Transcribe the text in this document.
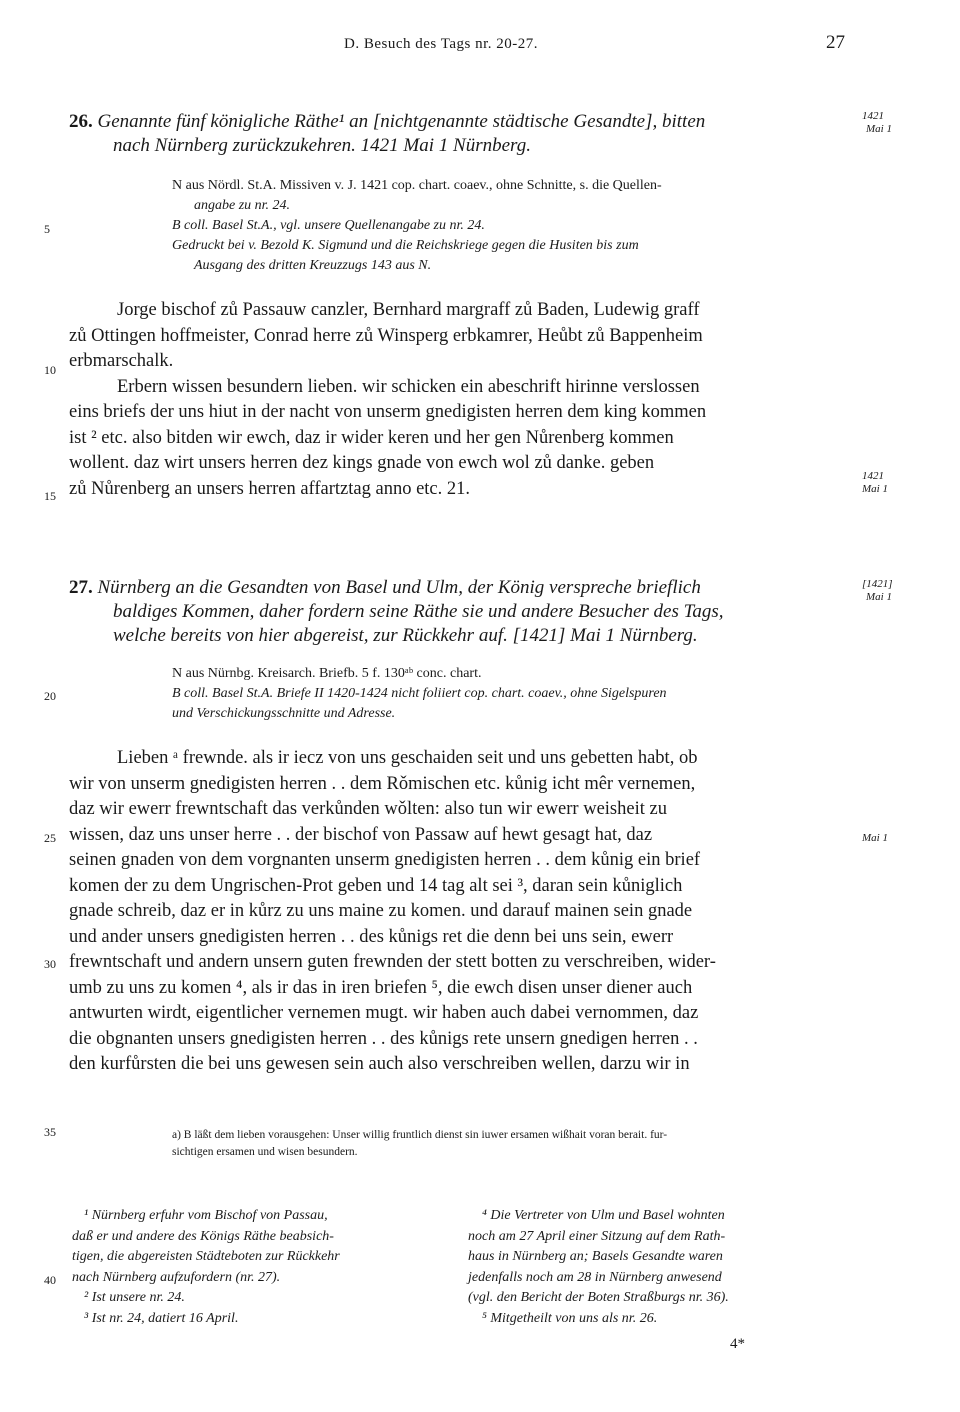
D. Besuch des Tags nr. 20-27.	27
5
10
15
20
25
30
35
40
26. Genannte fünf königliche Räthe¹ an [nichtgenannte städtische Gesandte], bitten
nach Nürnberg zurückzukehren. 1421 Mai 1 Nürnberg.
1421
Mai 1
N aus Nördl. St.A. Missiven v. J. 1421 cop. chart. coaev., ohne Schnitte, s. die Quellen-
angabe zu nr. 24.
B coll. Basel St.A., vgl. unsere Quellenangabe zu nr. 24.
Gedruckt bei v. Bezold K. Sigmund und die Reichskriege gegen die Husiten bis zum
Ausgang des dritten Kreuzzugs 143 aus N.
Jorge bischof zů Passauw canzler, Bernhard margraff zů Baden, Ludewig graff
zů Ottingen hoffmeister, Conrad herre zů Winsperg erbkamrer, Heůbt zů Bappenheim
erbmarschalk.
Erbern wissen besundern lieben. wir schicken ein abeschrift hirinne verslossen
eins briefs der uns hiut in der nacht von unserm gnedigisten herren dem king kommen
ist ² etc. also bitden wir ewch, daz ir wider keren und her gen Nůrenberg kommen
wollent. daz wirt unsers herren dez kings gnade von ewch wol zů danke. geben
zů Nůrenberg an unsers herren affartztag anno etc. 21.
1421
Mai 1
27. Nürnberg an die Gesandten von Basel und Ulm, der König verspreche brieflich
baldiges Kommen, daher fordern seine Räthe sie und andere Besucher des Tags,
welche bereits von hier abgereist, zur Rückkehr auf. [1421] Mai 1 Nürnberg.
[1421]
Mai 1
N aus Nürnbg. Kreisarch. Briefb. 5 f. 130ᵃᵇ conc. chart.
B coll. Basel St.A. Briefe II 1420-1424 nicht foliiert cop. chart. coaev., ohne Sigelspuren
und Verschickungsschnitte und Adresse.
Lieben ᵃ frewnde. als ir iecz von uns geschaiden seit und uns gebetten habt, ob
wir von unserm gnedigisten herren . . dem Rǒmischen etc. kůnig icht mêr vernemen,
daz wir ewerr frewntschaft das verkůnden wǒlten: also tun wir ewerr weisheit zu
wissen, daz uns unser herre . . der bischof von Passaw auf hewt gesagt hat, daz
seinen gnaden von dem vorgnanten unserm gnedigisten herren . . dem kůnig ein brief
komen der zu dem Ungrischen-Prot geben und 14 tag alt sei ³, daran sein kůniglich
gnade schreib, daz er in kůrz zu uns maine zu komen. und darauf mainen sein gnade
und ander unsers gnedigisten herren . . des kůnigs ret die denn bei uns sein, ewerr
frewntschaft und andern unsern guten frewnden der stett botten zu verschreiben, wider-
umb zu uns zu komen ⁴, als ir das in iren briefen ⁵, die ewch disen unser diener auch
antwurten wirdt, eigentlicher vernemen mugt. wir haben auch dabei vernommen, daz
die obgnanten unsers gnedigisten herren . . des kůnigs rete unsern gnedigen herren . .
den kurfůrsten die bei uns gewesen sein auch also verschreiben wellen, darzu wir in
Mai 1
a) B läßt dem lieben vorausgehen: Unser willig fruntlich dienst sin iuwer ersamen wißhait voran berait. fur-
sichtigen ersamen und wisen besundern.
¹ Nürnberg erfuhr vom Bischof von Passau,
daß er und andere des Königs Räthe beabsich-
tigen, die abgereisten Städteboten zur Rückkehr
nach Nürnberg aufzufordern (nr. 27).
² Ist unsere nr. 24.
³ Ist nr. 24, datiert 16 April.
⁴ Die Vertreter von Ulm und Basel wohnten
noch am 27 April einer Sitzung auf dem Rath-
haus in Nürnberg an; Basels Gesandte waren
jedenfalls noch am 28 in Nürnberg anwesend
(vgl. den Bericht der Boten Straßburgs nr. 36).
⁵ Mitgetheilt von uns als nr. 26.
4*
